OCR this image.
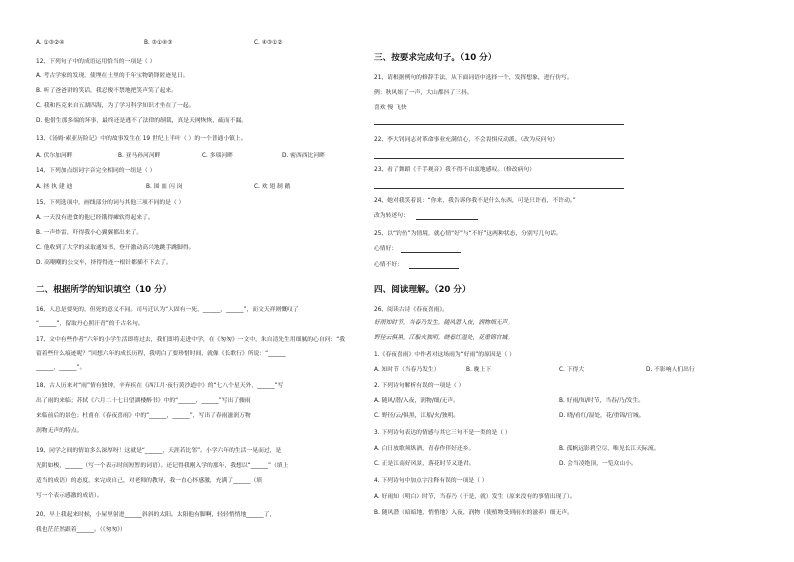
A. ①③②④	B. ③①④③	C. ④③①②
12、下列句子中的成语运用恰当的一项是（ ）
A. 考古学家的发现，使埋在土里的千年宝物销锋匿迹见日。
B. 听了爸爸讲的笑话，我忍俊不禁地把笑声笑了起来。
C. 我和匹克来自五湖四海，为了学习科学知识才坐在了一起。
D. 他借生那多端的坏事，最终还是逃不了法律的制裁，真是天网恢恢，疏而不漏。
13、《汤姆·索亚历险记》中的故事发生在 19 世纪上半叶（ ）的一个普通小镇上。
A. 伏尔加河畔	B. 亚马孙河河畔	C. 多瑙河畔	D. 密西西比河畔
14、下列加点组词字音完全相同的一组是（ ）
A. 拯 执 建 迪	B. 围 皿 闪 岗	C. 欢 翅 制 鹅
15、下列选项中，画线部分的词与其他三项不同的是（ ）
A. 一天没有进食的他已经饿得瘫软得起来了。
B. 一声炸雷，吓得我小心翼翼都出来了。
C. 他收到了大学的录取通知书，登开激动高兴地跳手跳脚得。
D. 高嘲嘲的公交车，挤得得连一根针都插不下去了。
二、根据所学的知识填空（10 分）
16、人总是要死的，但死的意义不同。司马迁认为“人固有一死，______，______”，而文天祥则慨叹了
“______”，留取丹心照汗青”的千古名句。
17、文中有些作者“六年的小学生活即将过去，我们即将走进中学，在《匆匆》一文中，朱自清先生用细腻的心自问：“我
留着些什么痕迹呢？”回想六年的成长历程，我明白了要珍惜时间，就像《长歌行》所说：“______
______，______”。
18、古人历来对“雨”情有独钟，辛弃疾在《西江月·夜行黄沙道中》的“七八个星天外，______”写
出了雨的来临；苏轼《六月二十七日望湖楼醉书》中的“______，______”写出了骤雨
来临前后的景色；杜甫在《春夜喜雨》中的“______，______”，写出了春雨滋润万物
润物无声的特点。
19、同学之间的情谊多么深厚呀！这就是“______，天涯若比邻”。小学六年的生活一晃而过，是
光阴如梭，______（写一个表示时间短暂的词语）。还记得我刚入学的那年，我想以“______”（填上
适当的成语）的态度，来完成自己，对老师的教导，我一直心怀感激，充满了______（填
写一个表示感激的成语）。
20、早上我起来时候，小屋里射进______斜斜的太阳。太阳他有脚啊，轻轻悄悄地______了，
我也茫茫然跟着______。（《匆匆》）
三、按要求完成句子。（10 分）
21、请根据例句的修辞手法，从下面词语中选择一个，发挥想象，进行仿写。
例：秋风姐了一声，大山都抖了三抖。
喜欢 慢 飞快
22、李大钊同志对革命事业充满信心，不会畏惧反动派。（改为反问句）
23、看了舞蹈《千手观音》我不得不由衷地感叹。（修改病句）
24、她对我笑着说：“你来，我告诉你我不是什么东西，可是只许看，不许动。”
改为转述句：
25、以“钓鱼”为情境，就心情“好”与“不好”这两种状态，分别写几句话。
心情好：
心情不好：
四、阅读理解。（20 分）
26、阅读古诗《春夜喜雨》。
好雨知时节，当春乃发生。随风潜入夜，润物细无声。
野径云俱黑，江船火独明。晓看红湿处，花重锦官城。
1.《春夜喜雨》中作者对这场雨为“好雨”的原因是（ ）
A. 知时节（当春乃发生）	B. 晚上下	C. 下得大	D. 不影响人们出行
2. 下列诗句解析有误的一项是（ ）
A. 随风/潜/入夜，润物/细/无声。	B. 好雨/知/时节，当春/乃/发生。
C. 野径/云/俱黑，江船/火/独明。	D. 晓/看红/湿处，花/重锦/官城。
3. 下列诗句表达的情感与其它三句不是一类的是（ ）
A. 白日放歌须纵酒，青春作伴好还乡。	B. 孤帆远影碧空尽，唯见长江天际流。
C. 正是江南好风景，落花时节又逢君。	D. 会当凌绝顶，一览众山小。
4. 下列诗句中加点字注释有误的一项是（ ）
A. 好雨知（明白）时节，当春乃（于是，就）发生（原来没有的事情出现了）。
B. 随风潜（暗暗地，悄悄地）入夜，润物（使植物受到雨水的滋养）细无声。
